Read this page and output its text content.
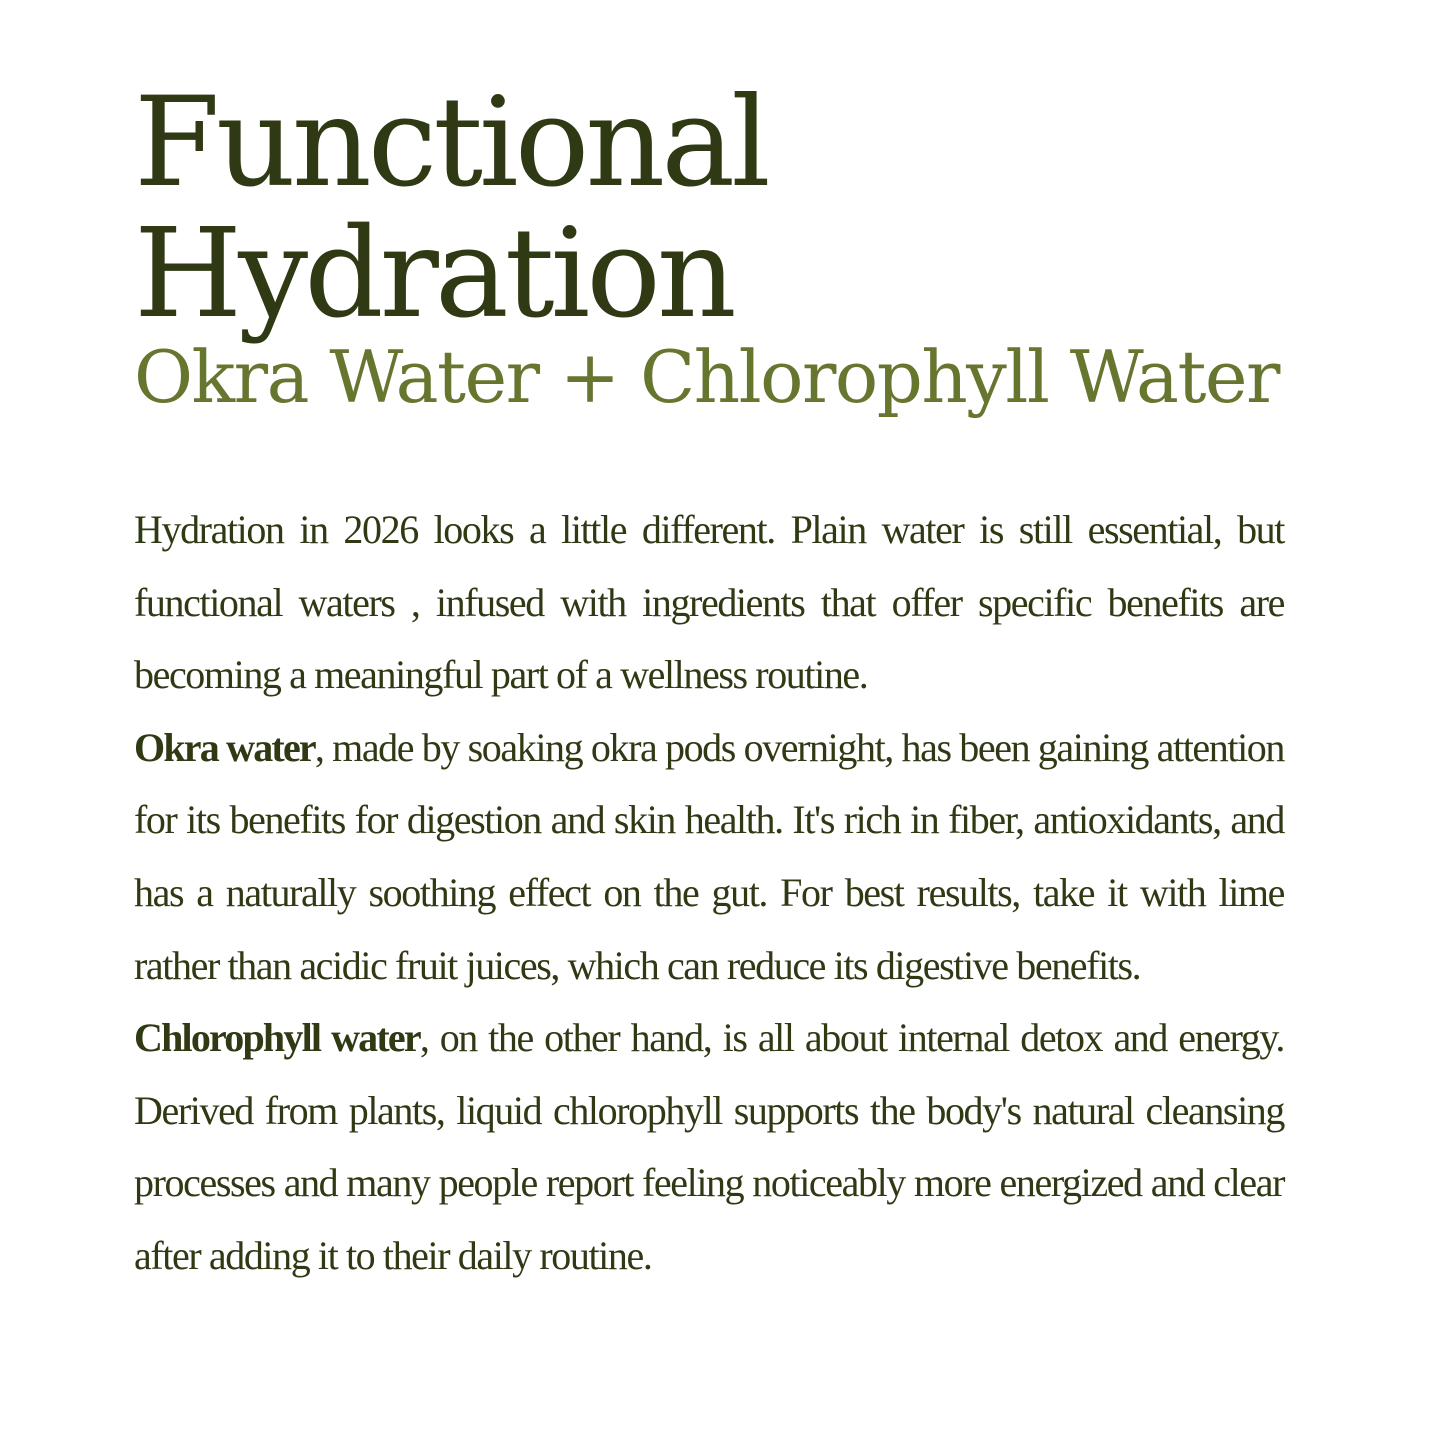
Functional
Hydration
Okra Water + Chlorophyll Water

Hydration in 2026 looks a little different. Plain water is still essential, but functional waters , infused with ingredients that offer specific benefits are becoming a meaningful part of a wellness routine.

Okra water, made by soaking okra pods overnight, has been gaining attention for its benefits for digestion and skin health. It's rich in fiber, antioxidants, and has a naturally soothing effect on the gut. For best results, take it with lime rather than acidic fruit juices, which can reduce its digestive benefits.

Chlorophyll water, on the other hand, is all about internal detox and energy. Derived from plants, liquid chlorophyll supports the body's natural cleansing processes and many people report feeling noticeably more energized and clear after adding it to their daily routine.
